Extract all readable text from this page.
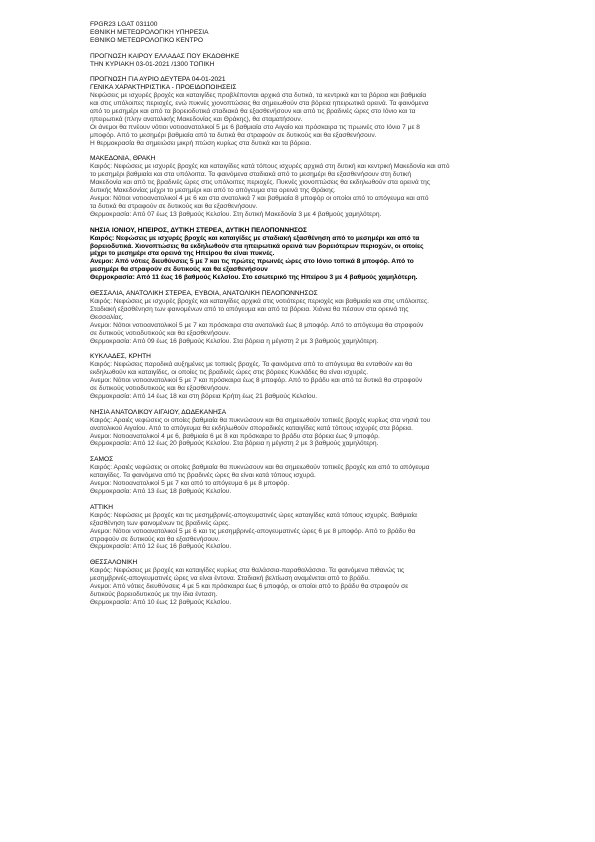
FPGR23 LGAT 031100
ΕΘΝΙΚΗ ΜΕΤΕΩΡΟΛΟΓΙΚΗ ΥΠΗΡΕΣΙΑ
ΕΘΝΙΚΟ ΜΕΤΕΩΡΟΛΟΓΙΚΟ ΚΕΝΤΡΟ
ΠΡΟΓΝΩΣΗ ΚΑΙΡΟΥ ΕΛΛΑΔΑΣ ΠΟΥ ΕΚΔΟΘΗΚΕ
ΤΗΝ ΚΥΡΙΑΚΗ 03-01-2021 /1300 ΤΟΠΙΚΗ
ΠΡΟΓΝΩΣΗ ΓΙΑ ΑΥΡΙΟ ΔΕΥΤΕΡΑ 04-01-2021
ΓΕΝΙΚΑ ΧΑΡΑΚΤΗΡΙΣΤΙΚΑ - ΠΡΟΕΙΔΟΠΟΙΗΣΕΙΣ
Νεφώσεις με ισχυρές βροχές και καταιγίδες προβλέπονται αρχικά στα δυτικά, τα κεντρικά και τα βόρεια και βαθμιαία
και στις υπόλοιπες περιοχές, ενώ πυκνές χιονοπτώσεις θα σημειωθούν στα βόρεια ηπειρωτικά ορεινά. Τα φαινόμενα
από το μεσημέρι και από τα βορειοδυτικά σταδιακά θα εξασθενήσουν και από τις βραδινές ώρες στο Ιόνιο και τα
ηπειρωτικά (πλην ανατολικής Μακεδονίας και Θράκης), θα σταματήσουν.
Οι άνεμοι θα πνέουν νότιοι νοτιοανατολικοί 5 με 6 βαθμιαία στο Αιγαίο και πρόσκαιρα τις πρωινές στο Ιόνιο 7 με 8
μποφόρ. Από το μεσημέρι βαθμιαία από τα δυτικά θα στραφούν σε δυτικούς και θα εξασθενήσουν.
Η θερμοκρασία θα σημειώσει μικρή πτώση κυρίως στα δυτικά και τα βόρεια.
ΜΑΚΕΔΟΝΙΑ, ΘΡΑΚΗ
Καιρός: Νεφώσεις με ισχυρές βροχές και καταιγίδες κατά τόπους ισχυρές αρχικά στη δυτική και κεντρική Μακεδονία και από
το μεσημέρι βαθμιαία και στα υπόλοιπα. Τα φαινόμενα σταδιακά από το μεσημέρι θα εξασθενήσουν στη δυτική
Μακεδονία και από τις βραδινές ώρες στις υπόλοιπες περιοχές. Πυκνές χιονοπτώσεις θα εκδηλωθούν στα ορεινά της
δυτικής Μακεδονίας μέχρι το μεσημέρι και από το απόγευμα στα ορεινά της Θράκης.
Ανεμοι: Νότιοι νοτιοανατολικοί 4 με 6 και στα ανατολικά 7 και βαθμιαία 8 μποφόρ οι οποίοι από το απόγευμα και από
τα δυτικά θα στραφούν σε δυτικούς και θα εξασθενήσουν.
Θερμοκρασία: Από 07 έως 13 βαθμούς Κελσίου. Στη δυτική Μακεδονία 3 με 4 βαθμούς χαμηλότερη.
ΝΗΣΙΑ ΙΟΝΙΟΥ, ΗΠΕΙΡΟΣ, ΔΥΤΙΚΗ ΣΤΕΡΕΑ, ΔΥΤΙΚΗ ΠΕΛΟΠΟΝΝΗΣΟΣ
Καιρός: Νεφώσεις με ισχυρές βροχές και καταιγίδες με σταδιακή εξασθένηση από το μεσημέρι και από τα
βορειοδυτικά. Χιονοπτώσεις θα εκδηλωθούν στα ηπειρωτικά ορεινά των βορειότερων περιοχών, οι οποίες
μέχρι το μεσημέρι στα ορεινά της Ηπείρου θα είναι πυκνές.
Ανεμοι: Από νότιες διευθύνσεις 5 με 7 και τις πρώτες πρωινές ώρες στο Ιόνιο τοπικά 8 μποφόρ. Από το
μεσημέρι θα στραφούν σε δυτικούς και θα εξασθενήσουν
Θερμοκρασία: Από 11 έως 16 βαθμούς Κελσίου. Στο εσωτερικό της Ηπείρου 3 με 4 βαθμούς χαμηλότερη.
ΘΕΣΣΑΛΙΑ, ΑΝΑΤΟΛΙΚΗ ΣΤΕΡΕΑ, ΕΥΒΟΙΑ, ΑΝΑΤΟΛΙΚΗ ΠΕΛΟΠΟΝΝΗΣΟΣ
Καιρός: Νεφώσεις με ισχυρές βροχές και καταιγίδες αρχικά στις νοτιότερες περιοχές και βαθμιαία και στις υπόλοιπες.
Σταδιακή εξασθένηση των φαινομένων από το απόγευμα και από τα βόρεια. Χιόνια θα πέσουν στα ορεινά της
Θεσσαλίας.
Ανεμοι: Νότιοι νοτιοανατολικοί 5 με 7 και πρόσκαιρα στα ανατολικά έως 8 μποφόρ. Από το απόγευμα θα στραφούν
σε δυτικούς νοτιοδυτικούς και θα εξασθενήσουν.
Θερμοκρασία: Από 09 έως 16 βαθμούς Κελσίου. Στα βόρεια η μέγιστη 2 με 3 βαθμούς χαμηλότερη.
ΚΥΚΛΑΔΕΣ, ΚΡΗΤΗ
Καιρός: Νεφώσεις παροδικά αυξημένες με τοπικές βροχές. Τα φαινόμενα από το απόγευμα θα ενταθούν και θα
εκδηλωθούν και καταιγίδες, οι οποίες τις βραδινές ώρες στις βόρειες Κυκλάδες θα είναι ισχυρές.
Ανεμοι: Νότιοι νοτιοανατολικοί 5 με 7 και πρόσκαιρα έως 8 μποφόρ. Από το βράδυ και από τα δυτικά θα στραφούν
σε δυτικούς νοτιοδυτικούς και θα εξασθενήσουν.
Θερμοκρασία: Από 14 έως 18 και στη βόρεια Κρήτη έως 21 βαθμούς Κελσίου.
ΝΗΣΙΑ ΑΝΑΤΟΛΙΚΟΥ ΑΙΓΑΙΟΥ, ΔΩΔΕΚΑΝΗΣΑ
Καιρός: Αραιές νεφώσεις οι οποίες βαθμιαία θα πυκνώσουν και θα σημειωθούν τοπικές βροχές κυρίως στα νησιά του
ανατολικού Αιγαίου. Από το απόγευμα θα εκδηλωθούν σποραδικές καταιγίδες κατά τόπους ισχυρές στα βόρεια.
Ανεμοι: Νοτιοανατολικοί 4 με 6, βαθμιαία 6 με 8 και πρόσκαιρα το βράδυ στα βόρεια έως 9 μποφόρ.
Θερμοκρασία: Από 12 έως 20 βαθμούς Κελσίου. Στα βόρεια η μέγιστη 2 με 3 βαθμούς χαμηλότερη.
ΣΑΜΟΣ
Καιρός: Αραιές νεφώσεις οι οποίες βαθμιαία θα πυκνώσουν και θα σημειωθούν τοπικές βροχές και από το απόγευμα
καταιγίδες. Τα φαινόμενα από τις βραδινές ώρες θα είναι κατά τόπους ισχυρά.
Ανεμοι: Νοτιοανατολικοί 5 με 7 και από το απόγευμα 6 με 8 μποφόρ.
Θερμοκρασία: Από 13 έως 18 βαθμούς Κελσίου.
ΑΤΤΙΚΗ
Καιρός: Νεφώσεις με βροχές και τις μεσημβρινές-απογευματινές ώρες καταιγίδες κατά τόπους ισχυρές. Βαθμιαία
εξασθένηση των φαινομένων τις βραδινές ώρες.
Ανεμοι: Νότιοι νοτιοανατολικοί 5 με 6 και τις μεσημβρινές-απογευματινές ώρες 6 με 8 μποφόρ. Από το βράδυ θα
στραφούν σε δυτικούς και θα εξασθενήσουν.
Θερμοκρασία: Από 12 έως 16 βαθμούς Κελσίου.
ΘΕΣΣΑΛΟΝΙΚΗ
Καιρός: Νεφώσεις με βροχές και καταιγίδες κυρίως στα θαλάσσια-παραθαλάσσια. Τα φαινόμενα πιθανώς τις
μεσημβρινές-απογευματινές ώρες να είναι έντονα. Σταδιακή βελτίωση αναμένεται από το βράδυ.
Ανεμοι: Από νότιες διευθύνσεις 4 με 5 και πρόσκαιρα έως 6 μποφόρ, οι οποίοι από το βράδυ θα στραφούν σε
δυτικούς βορειοδυτικούς με την ίδια ένταση.
Θερμοκρασία: Από 10 έως 12 βαθμούς Κελσίου.
